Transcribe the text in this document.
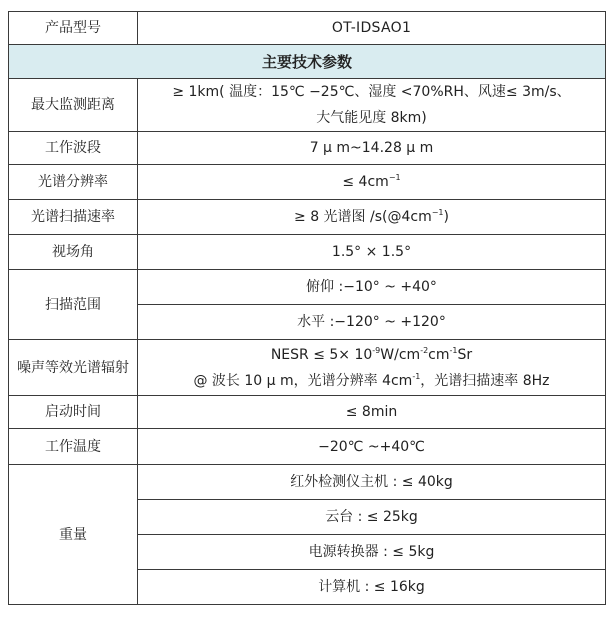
产品型号	OT-IDSAO1
主要技术参数	
最大监测距离	≥ 1km( 温度：15℃ −25℃、湿度 <70%RH、风速≤ 3m/s、
大气能见度 8km)

工作波段	7 μ m~14.28 μ m
光谱分辨率	≤ $4cm^{-1}$
光谱扫描速率	≥ 8 光谱图 $/s(@4cm^{-1})$
视场角	1.5° × 1.5°
扫描范围	俯仰 :−10° ~ +40°
	水平 :−120° ~ +120°
噪声等效光谱辐射	NESR ≤ $5\times 10^{-9}W/cm^{-2}cm^{-1}Sr$
@ 波长 10 μ m，光谱分辨率 $4cm^{-1}$，光谱扫描速率 8Hz

启动时间	≤ 8min
工作温度	−20℃ ~+40℃
重量	红外检测仪主机 : ≤ 40kg
	云台 : ≤ 25kg
	电源转换器 : ≤ 5kg
	计算机 : ≤ 16kg
